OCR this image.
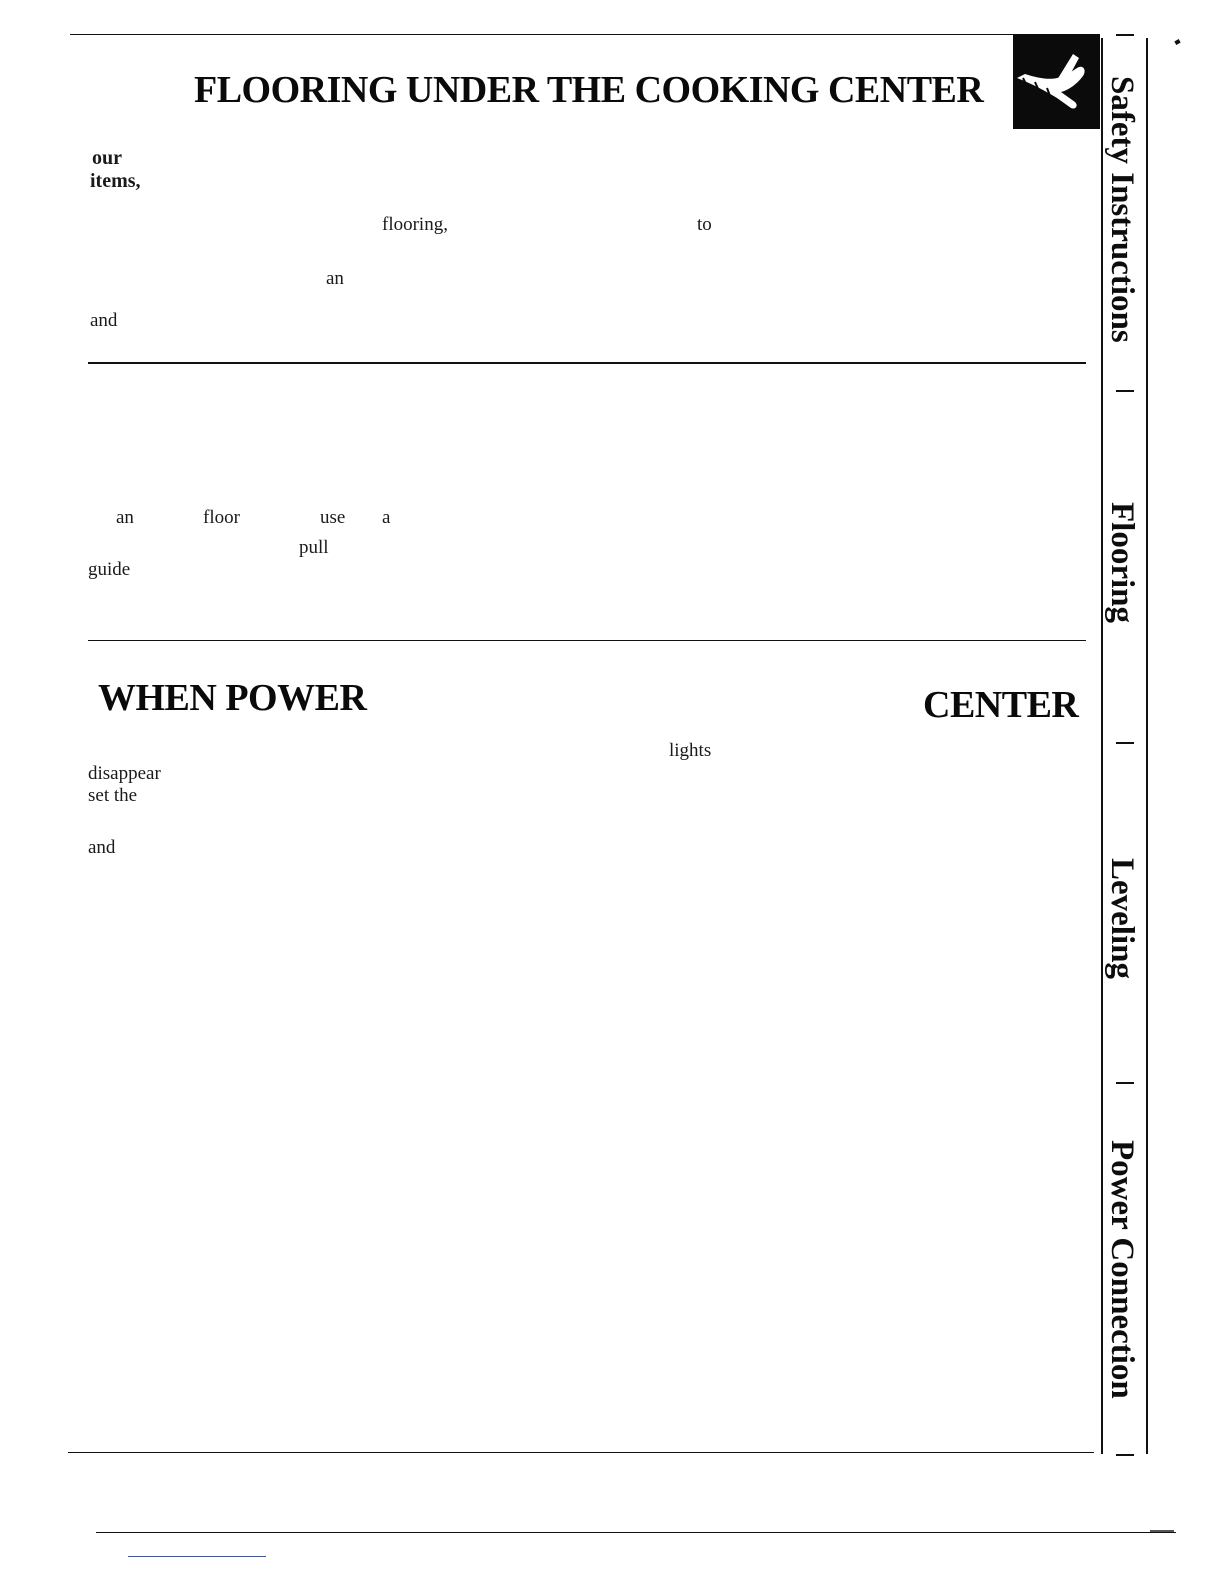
FLOORING UNDER THE COOKING CENTER
our
items,
flooring,	to
an
and
an	floor	use a
pull
guide
WHEN POWER	CENTER
lights
disappear
set the
and
Safety Instructions
Flooring
Leveling
Power Connection
